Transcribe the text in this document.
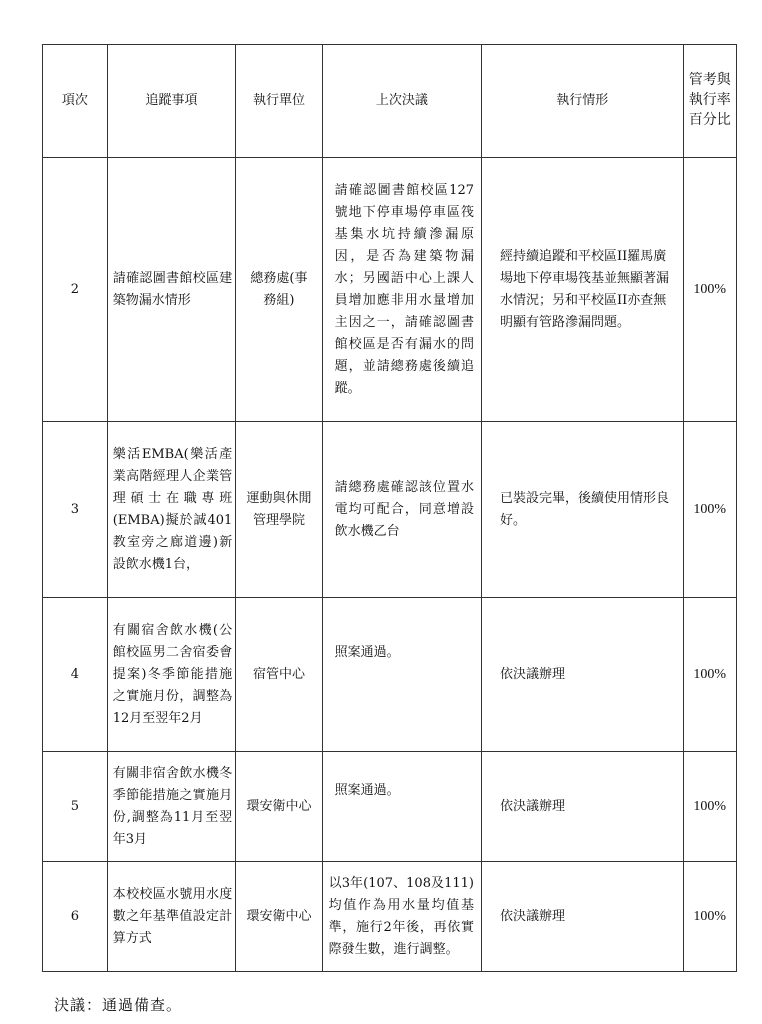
項次	追蹤事項	執行單位	上次決議	執行情形	管考與執行率百分比

2	請確認圖書館校區建築物漏水情形	總務處(事務組)	請確認圖書館校區127號地下停車場停車區筏基集水坑持續滲漏原因，是否為建築物漏水；另國語中心上課人員增加應非用水量增加主因之一，請確認圖書館校區是否有漏水的問題，並請總務處後續追蹤。	經持續追蹤和平校區II羅馬廣場地下停車場筏基並無顯著漏水情況；另和平校區II亦查無明顯有管路滲漏問題。	100%
3	樂活EMBA(樂活產業高階經理人企業管理碩士在職專班(EMBA)擬於誠401教室旁之廊道邊)新設飲水機1台，	運動與休閒管理學院	請總務處確認該位置水電均可配合，同意增設飲水機乙台	已裝設完畢，後續使用情形良好。	100%
4	有關宿舍飲水機(公館校區男二舍宿委會提案)冬季節能措施之實施月份，調整為12月至翌年2月	宿管中心	照案通過。	依決議辦理	100%
5	有關非宿舍飲水機冬季節能措施之實施月份,調整為11月至翌年3月	環安衛中心	照案通過。	依決議辦理	100%
6	本校校區水號用水度數之年基準值設定計算方式	環安衛中心	以3年(107、108及111)均值作為用水量均值基準，施行2年後，再依實際發生數，進行調整。	依決議辦理	100%
決議：通過備查。
